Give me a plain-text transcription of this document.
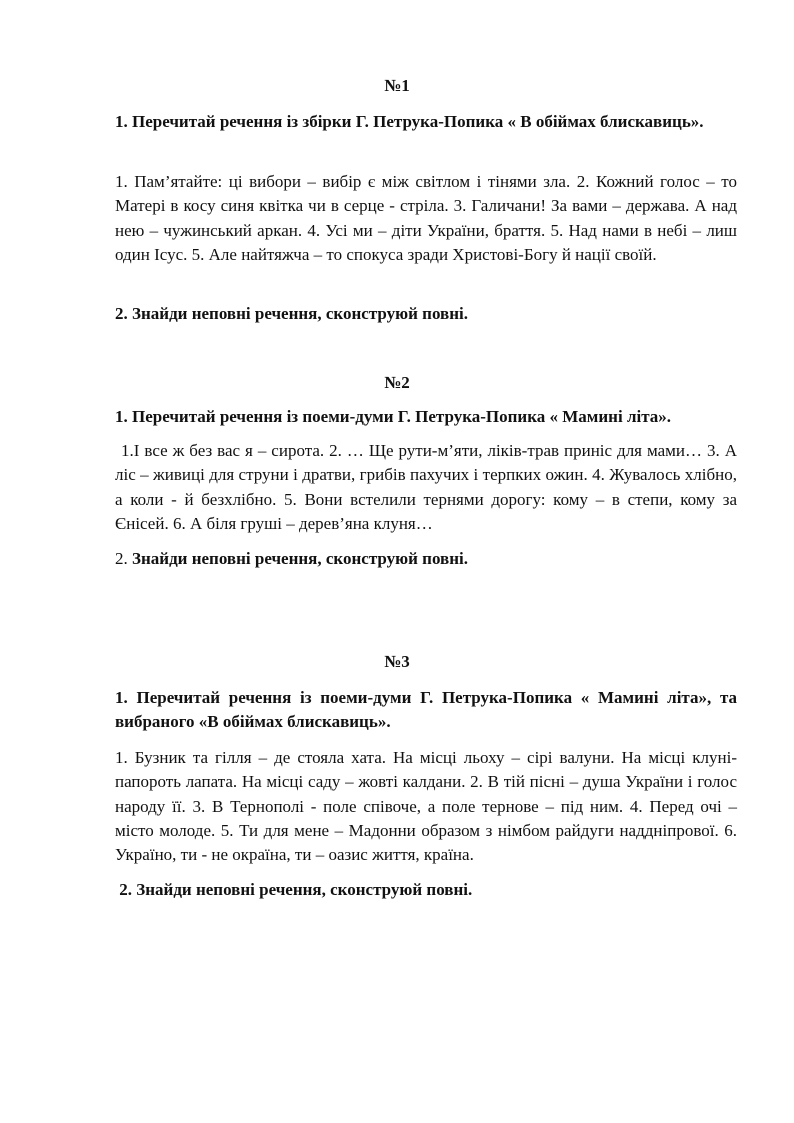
№1
1. Перечитай речення із збірки Г. Петрука-Попика « В обіймах блискавиць».
1. Пам’ятайте: ці вибори – вибір є між світлом і тінями зла. 2. Кожний голос – то Матері в косу синя квітка чи в серце - стріла. 3. Галичани! За вами – держава. А над нею – чужинський аркан. 4. Усі ми – діти України, браття. 5. Над нами в небі – лиш один Ісус. 5. Але найтяжча – то спокуса зради Христові-Богу й нації своїй.
2. Знайди неповні речення, сконструюй повні.
№2
1. Перечитай речення із поеми-думи Г. Петрука-Попика « Мамині літа».
1.І все ж без вас я – сирота. 2. … Ще рути-м’яти, ліків-трав приніс для мами… 3. А ліс – живиці для струни і дратви, грибів пахучих і терпких ожин. 4. Жувалось хлібно, а коли - й безхлібно. 5. Вони встелили тернями дорогу: кому – в степи, кому за Єнісей. 6. А біля груші – дерев’яна клуня…
2. Знайди неповні речення, сконструюй повні.
№3
1. Перечитай речення із поеми-думи Г. Петрука-Попика « Мамині літа», та вибраного «В обіймах блискавиць».
1. Бузник та гілля – де стояла хата. На місці льоху – сірі валуни. На місці клуні- папороть лапата. На місці саду – жовті калдани. 2. В тій пісні – душа України і голос народу її. 3. В Тернополі - поле співоче, а поле тернове – під ним. 4. Перед очі – місто молоде. 5. Ти для мене – Мадонни образом з німбом райдуги наддніпрової. 6. Україно, ти - не окраїна, ти – оазис життя, країна.
2. Знайди неповні речення, сконструюй повні.
